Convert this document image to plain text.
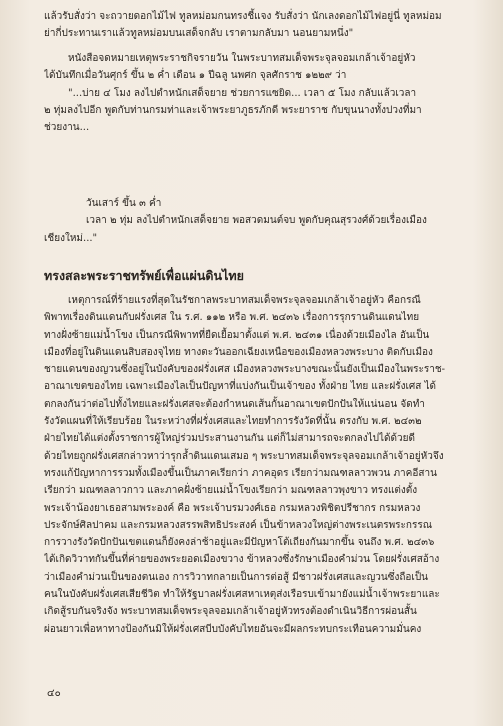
แล้วรับสั่งว่า จะถวายดอกไม้ไฟ ทูลหม่อมกนทรงชี้แจง รับสั่งว่า นักเลงดอกไม้ไฟอยู่นี่ ทูลหม่อม

ย่ากี่ประทานเราแล้วทูลหม่อมบนเสด็จกลับ เราตามกลับมา นอนยามหนึ่ง"

หนังสือจดหมายเหตุพระราชกิจรายวัน ในพระบาทสมเด็จพระจุลจอมเกล้าเจ้าอยู่หัว

ได้บันทึกเมื่อวันศุกร์ ขึ้น ๒ ค่ำ เดือน ๑ ปีฉลู นพศก จุลศักราช ๑๒๒๙ ว่า

"...บ่าย ๔ โมง ลงไปตำหนักเสด็จยาย ช่วยการแซยิด... เวลา ๕ โมง กลับแล้วเวลา

๒ ทุ่มลงไปอีก พูดกับท่านกรมท่าและเจ้าพระยาภูธรภักดี พระยาราช กับขุนนางทั้งปวงที่มา

ช่วยงาน...

วันเสาร์ ขึ้น ๓ ค่ำ

เวลา ๒ ทุ่ม ลงไปตำหนักเสด็จยาย พอสวดมนต์จบ พูดกับคุณสุรวงศ์ด้วยเรื่องเมือง

เชียงใหม่..."

ทรงสละพระราชทรัพย์เพื่อแผ่นดินไทย

เหตุการณ์ที่ร้ายแรงที่สุดในรัชกาลพระบาทสมเด็จพระจุลจอมเกล้าเจ้าอยู่หัว คือกรณี

พิพาทเรื่องดินแดนกับฝรั่งเศส ใน ร.ศ. ๑๑๒ หรือ พ.ศ. ๒๔๓๖ เรื่องการรุกรานดินแดนไทย

ทางฝั่งซ้ายแม่น้ำโขง เป็นกรณีพิพาทที่ยืดเยื้อมาตั้งแต่ พ.ศ. ๒๔๓๑ เนื่องด้วยเมืองไล อันเป็น

เมืองที่อยู่ในดินแดนสิบสองจุไทย ทางตะวันออกเฉียงเหนือของเมืองหลวงพระบาง ติดกับเมือง

ชายแดนของญวนซึ่งอยู่ในบังคับของฝรั่งเศส เมืองหลวงพระบางขณะนั้นยังเป็นเมืองในพระราช-

อาณาเขตของไทย เฉพาะเมืองไลเป็นปัญหาที่แบ่งกันเป็นเจ้าของ ทั้งฝ่าย ไทย และฝรั่งเศส ได้

ตกลงกันว่าต่อไปทั้งไทยและฝรั่งเศสจะต้องกำหนดเส้นกั้นอาณาเขตปักปันให้แน่นอน จัดทำ

รังวัดแผนที่ให้เรียบร้อย ในระหว่างที่ฝรั่งเศสและไทยทำการรังวัดที่นั้น ตรงกับ พ.ศ. ๒๔๓๒

ฝ่ายไทยได้แต่งตั้งราชการผู้ใหญ่ร่วมประสานงานกัน แต่ก็ไม่สามารถจะตกลงไปได้ด้วยดี

ด้วยไทยถูกฝรั่งเศสกล่าวหาว่ารุกล้ำดินแดนเสมอ ๆ พระบาทสมเด็จพระจุลจอมเกล้าเจ้าอยู่หัวจึง

ทรงแก้ปัญหาการรวมทั้งเมืองขึ้นเป็นภาคเรียกว่า ภาคอุดร เรียกว่ามณฑลลาวพวน ภาคอีสาน

เรียกว่า มณฑลลาวกาว และภาคฝั่งซ้ายแม่น้ำโขงเรียกว่า มณฑลลาวพุงขาว ทรงแต่งตั้ง

พระเจ้าน้องยาเธอสามพระองค์ คือ พระเจ้าบรมวงศ์เธอ กรมหลวงพิชิตปรีชากร กรมหลวง

ประจักษ์ศิลปาคม และกรมหลวงสรรพสิทธิประสงค์ เป็นข้าหลวงใหญ่ต่างพระเนตรพระกรรณ

การวางรังวัดปักปันเขตแดนก็ยังคงล่าช้าอยู่และมีปัญหาโต้เถียงกันมากขึ้น จนถึง พ.ศ. ๒๔๓๖

ได้เกิดวิวาทกันขึ้นที่ค่ายของพระยอดเมืองขวาง ข้าหลวงซึ่งรักษาเมืองคำม่วน โดยฝรั่งเศสอ้าง

ว่าเมืองคำม่วนเป็นของตนเอง การวิวาทกลายเป็นการต่อสู้ มีชาวฝรั่งเศสและญวนซึ่งถือเป็น

คนในบังคับฝรั่งเศสเสียชีวิต ทำให้รัฐบาลฝรั่งเศสหาเหตุส่งเรือรบเข้ามายังแม่น้ำเจ้าพระยาและ

เกิดสู้รบกันจริงจัง พระบาทสมเด็จพระจุลจอมเกล้าเจ้าอยู่หัวทรงต้องดำเนินวิธีการผ่อนสั้น

ผ่อนยาวเพื่อหาทางป้องกันมิให้ฝรั่งเศสบีบบังคับไทยอันจะมีผลกระทบกระเทือนความมั่นคง

๔๐
